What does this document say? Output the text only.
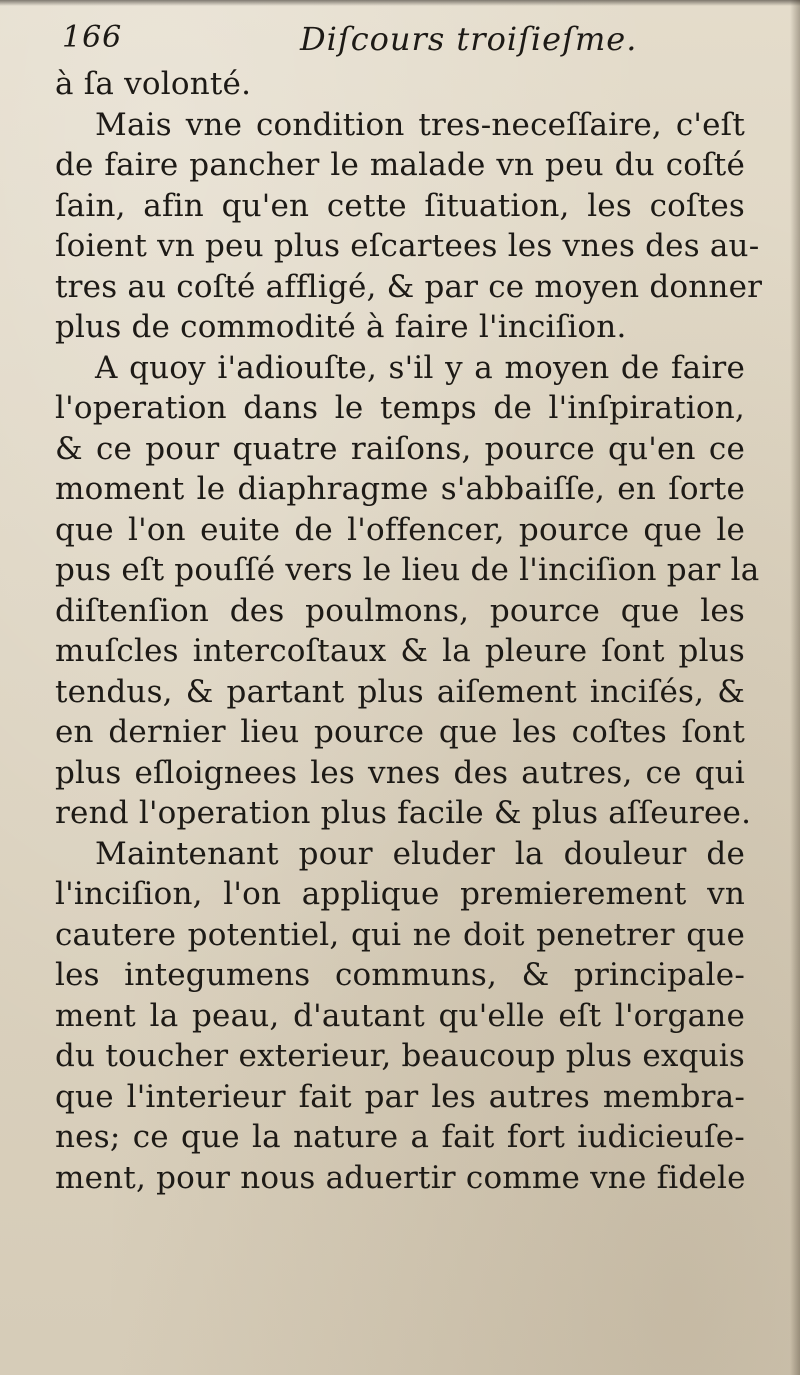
166	Diſcours troiſieſme.
à ſa volonté.
Mais vne condition tres-neceſſaire, c'eſt
de faire pancher le malade vn peu du coſté
ſain, afin qu'en cette ſituation, les coſtes
ſoient vn peu plus eſcartees les vnes des au-
tres au coſté affligé, & par ce moyen donner
plus de commodité à faire l'inciſion.
A quoy i'adiouſte, s'il y a moyen de faire
l'operation dans le temps de l'inſpiration,
& ce pour quatre raiſons, pource qu'en ce
moment le diaphragme s'abbaiſſe, en ſorte
que l'on euite de l'offencer, pource que le
pus eſt pouſſé vers le lieu de l'inciſion par la
diſtenſion des poulmons, pource que les
muſcles intercoſtaux & la pleure ſont plus
tendus, & partant plus aiſement inciſés, &
en dernier lieu pource que les coſtes ſont
plus eſloignees les vnes des autres, ce qui
rend l'operation plus facile & plus aſſeuree.
Maintenant pour eluder la douleur de
l'inciſion, l'on applique premierement vn
cautere potentiel, qui ne doit penetrer que
les integumens communs, & principale-
ment la peau, d'autant qu'elle eſt l'organe
du toucher exterieur, beaucoup plus exquis
que l'interieur fait par les autres membra-
nes; ce que la nature a fait fort iudicieuſe-
ment, pour nous aduertir comme vne fidele
